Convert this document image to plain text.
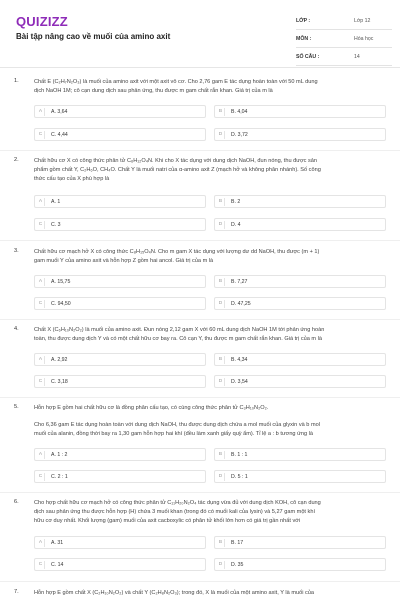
QUIZIZZ
Bài tập nâng cao về muối của amino axit
LỚP :	Lớp 12
MÔN :	Hóa học
SỐ CÂU :	14
1.	Chất E (C₂H₇N₂O₃) là muối của amino axit với một axit vô cơ. Cho 2,76 gam E tác dụng hoàn toàn với 50 mL dung
dịch NaOH 1M; cô cạn dung dịch sau phản ứng, thu được m gam chất rắn khan. Giá trị của m là
A	A. 3,64	B	B. 4,04
C	C. 4,44	D	D. 3,72
2.	Chất hữu cơ X có công thức phân tử C₆H₁₂O₄N. Khi cho X tác dụng với dung dịch NaOH, đun nóng, thu được sản
phẩm gồm chất Y, C₂H₆O, CH₄O. Chất Y là muối natri của α-amino axit Z (mạch hở và không phân nhánh). Số công
thức cấu tạo của X phù hợp là
A	A. 1	B	B. 2
C	C. 3	D	D. 4
3.	Chất hữu cơ mạch hở X có công thức C₈H₁₅O₄N. Cho m gam X tác dụng với lượng dư dd NaOH, thu được (m + 1)
gam muối Y của amino axit và hỗn hợp Z gồm hai ancol. Giá trị của m là
A	A. 15,75	B	B. 7,27
C	C. 94,50	D	D. 47,25
4.	Chất X (C₆H₁₀N₂O₂) là muối của amino axit. Đun nóng 2,12 gam X với 60 mL dung dịch NaOH 1M tới phản ứng hoàn
toàn, thu được dung dịch Y và có một chất hữu cơ bay ra. Cô cạn Y, thu được m gam chất rắn khan. Giá trị của m là
A	A. 2,92	B	B. 4,34
C	C. 3,18	D	D. 3,54
5.	Hỗn hợp E gồm hai chất hữu cơ là đồng phân cấu tạo, có cùng công thức phân tử C₃H₁₀N₂O₂.
Cho 6,36 gam E tác dụng hoàn toàn với dung dịch NaOH, thu được dung dịch chứa a mol muối của glyxin và b mol
muối của alanin, đồng thời bay ra 1,30 gam hỗn hợp hai khí (đều làm xanh giấy quỳ ẩm). Tỉ lệ a : b tương ứng là
A	A. 1 : 2	B	B. 1 : 1
C	C. 2 : 1	D	D. 5 : 1
6.	Cho hợp chất hữu cơ mạch hở có công thức phân tử C₁₁H₂₀N₂O₄ tác dụng vừa đủ với dung dịch KOH, cô cạn dung
dịch sau phản ứng thu được hỗn hợp (H) chứa 3 muối khan (trong đó có muối kali của lysin) và 5,27 gam một khí
hữu cơ duy nhất. Khối lượng (gam) muối của axit cacboxylic có phân tử khối lớn hơn có giá trị gần nhất với
A	A. 31	B	B. 17
C	C. 14	D	D. 35
7.	Hỗn hợp E gồm chất X (C₂H₁₀N₂O₂) và chất Y (C₂H₈N₂O₃); trong đó, X là muối của một amino axit, Y là muối của
